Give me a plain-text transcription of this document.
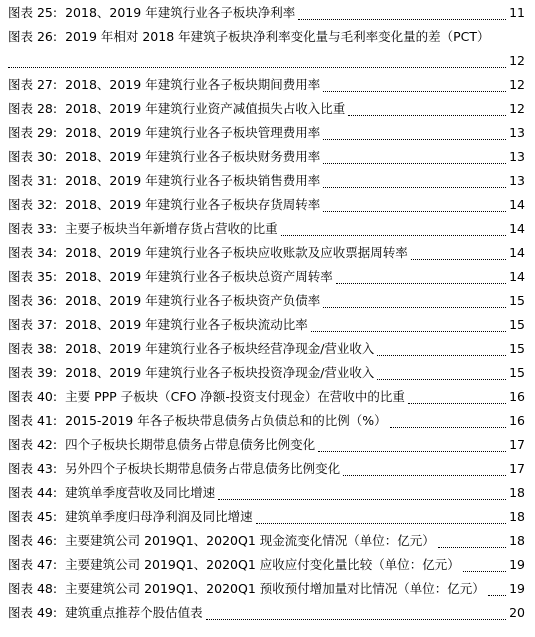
图表 25: 2018、2019 年建筑行业各子板块净利率	11
图表 26: 2019 年相对 2018 年建筑子板块净利率变化量与毛利率变化量的差（PCT）
12
图表 27: 2018、2019 年建筑行业各子板块期间费用率	12
图表 28: 2018、2019 年建筑行业资产减值损失占收入比重	12
图表 29: 2018、2019 年建筑行业各子板块管理费用率	13
图表 30: 2018、2019 年建筑行业各子板块财务费用率	13
图表 31: 2018、2019 年建筑行业各子板块销售费用率	13
图表 32: 2018、2019 年建筑行业各子板块存货周转率	14
图表 33: 主要子板块当年新增存货占营收的比重	14
图表 34: 2018、2019 年建筑行业各子板块应收账款及应收票据周转率	14
图表 35: 2018、2019 年建筑行业各子板块总资产周转率	14
图表 36: 2018、2019 年建筑行业各子板块资产负债率	15
图表 37: 2018、2019 年建筑行业各子板块流动比率	15
图表 38: 2018、2019 年建筑行业各子板块经营净现金/营业收入	15
图表 39: 2018、2019 年建筑行业各子板块投资净现金/营业收入	15
图表 40: 主要 PPP 子板块（CFO 净额-投资支付现金）在营收中的比重	16
图表 41: 2015-2019 年各子板块带息债务占负债总和的比例（%）	16
图表 42: 四个子板块长期带息债务占带息债务比例变化	17
图表 43: 另外四个子板块长期带息债务占带息债务比例变化	17
图表 44: 建筑单季度营收及同比增速	18
图表 45: 建筑单季度归母净利润及同比增速	18
图表 46: 主要建筑公司 2019Q1、2020Q1 现金流变化情况（单位：亿元）	18
图表 47: 主要建筑公司 2019Q1、2020Q1 应收应付变化量比较（单位：亿元）	19
图表 48: 主要建筑公司 2019Q1、2020Q1 预收预付增加量对比情况（单位：亿元） 19
图表 49: 建筑重点推荐个股估值表	20
